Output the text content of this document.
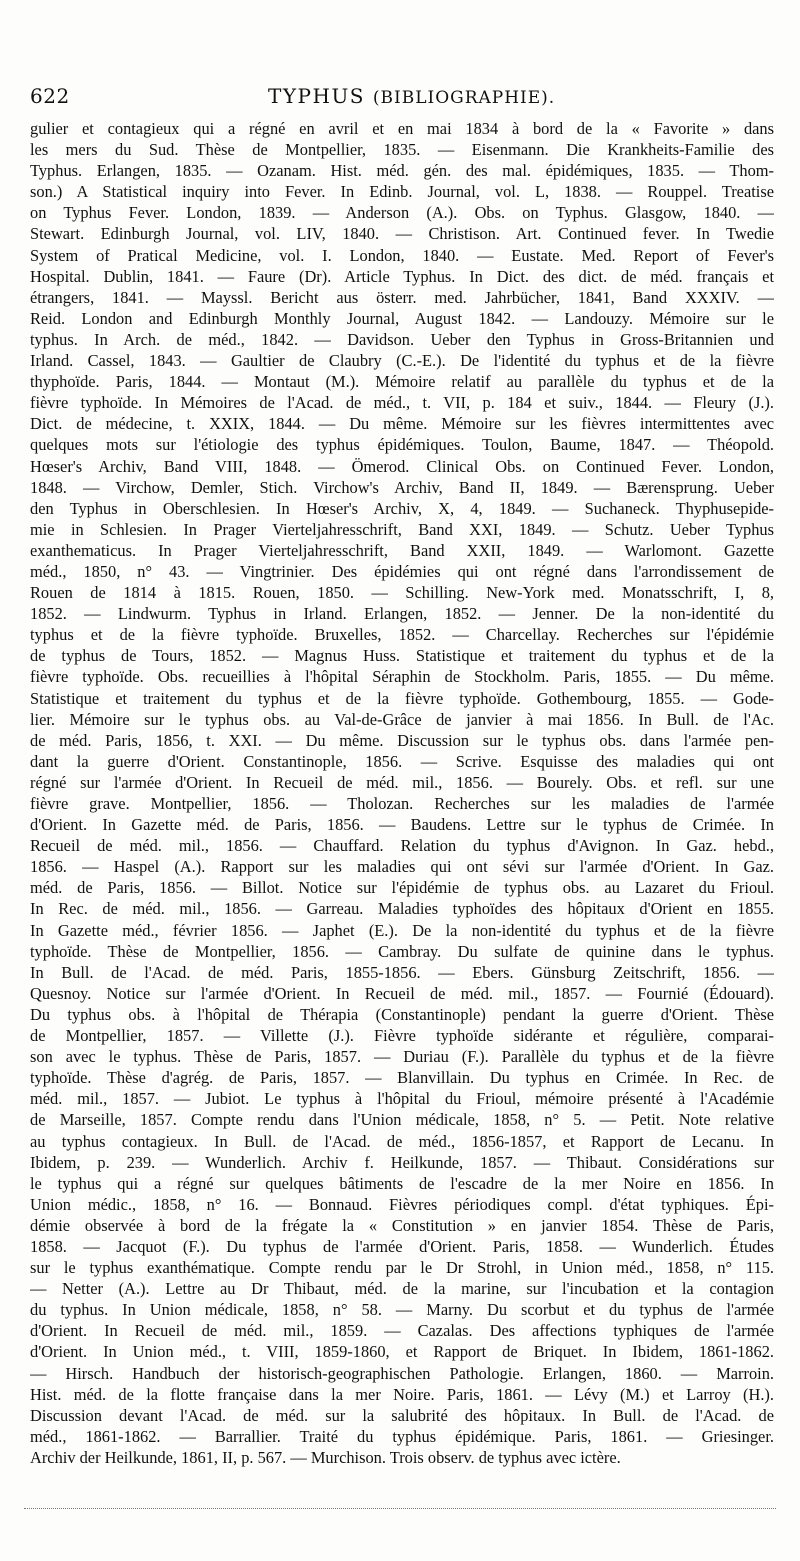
622	TYPHUS (BIBLIOGRAPHIE).
gulier et contagieux qui a régné en avril et en mai 1834 à bord de la « Favorite » dans
les mers du Sud. Thèse de Montpellier, 1835. — Eisenmann. Die Krankheits-Familie des
Typhus. Erlangen, 1835. — Ozanam. Hist. méd. gén. des mal. épidémiques, 1835. — Thom-
son.) A Statistical inquiry into Fever. In Edinb. Journal, vol. L, 1838. — Rouppel. Treatise
on Typhus Fever. London, 1839. — Anderson (A.). Obs. on Typhus. Glasgow, 1840. —
Stewart. Edinburgh Journal, vol. LIV, 1840. — Christison. Art. Continued fever. In Twedie
System of Pratical Medicine, vol. I. London, 1840. — Eustate. Med. Report of Fever's
Hospital. Dublin, 1841. — Faure (Dr). Article Typhus. In Dict. des dict. de méd. français et
étrangers, 1841. — Mayssl. Bericht aus österr. med. Jahrbücher, 1841, Band XXXIV. —
Reid. London and Edinburgh Monthly Journal, August 1842. — Landouzy. Mémoire sur le
typhus. In Arch. de méd., 1842. — Davidson. Ueber den Typhus in Gross-Britannien und
Irland. Cassel, 1843. — Gaultier de Claubry (C.-E.). De l'identité du typhus et de la fièvre
thyphoïde. Paris, 1844. — Montaut (M.). Mémoire relatif au parallèle du typhus et de la
fièvre typhoïde. In Mémoires de l'Acad. de méd., t. VII, p. 184 et suiv., 1844. — Fleury (J.).
Dict. de médecine, t. XXIX, 1844. — Du même. Mémoire sur les fièvres intermittentes avec
quelques mots sur l'étiologie des typhus épidémiques. Toulon, Baume, 1847. — Théopold.
Hœser's Archiv, Band VIII, 1848. — Ömerod. Clinical Obs. on Continued Fever. London,
1848. — Virchow, Demler, Stich. Virchow's Archiv, Band II, 1849. — Bærensprung. Ueber
den Typhus in Oberschlesien. In Hœser's Archiv, X, 4, 1849. — Suchaneck. Thyphusepide-
mie in Schlesien. In Prager Vierteljahresschrift, Band XXI, 1849. — Schutz. Ueber Typhus
exanthematicus. In Prager Vierteljahresschrift, Band XXII, 1849. — Warlomont. Gazette
méd., 1850, n° 43. — Vingtrinier. Des épidémies qui ont régné dans l'arrondissement de
Rouen de 1814 à 1815. Rouen, 1850. — Schilling. New-York med. Monatsschrift, I, 8,
1852. — Lindwurm. Typhus in Irland. Erlangen, 1852. — Jenner. De la non-identité du
typhus et de la fièvre typhoïde. Bruxelles, 1852. — Charcellay. Recherches sur l'épidémie
de typhus de Tours, 1852. — Magnus Huss. Statistique et traitement du typhus et de la
fièvre typhoïde. Obs. recueillies à l'hôpital Séraphin de Stockholm. Paris, 1855. — Du même.
Statistique et traitement du typhus et de la fièvre typhoïde. Gothembourg, 1855. — Gode-
lier. Mémoire sur le typhus obs. au Val-de-Grâce de janvier à mai 1856. In Bull. de l'Ac.
de méd. Paris, 1856, t. XXI. — Du même. Discussion sur le typhus obs. dans l'armée pen-
dant la guerre d'Orient. Constantinople, 1856. — Scrive. Esquisse des maladies qui ont
régné sur l'armée d'Orient. In Recueil de méd. mil., 1856. — Bourely. Obs. et refl. sur une
fièvre grave. Montpellier, 1856. — Tholozan. Recherches sur les maladies de l'armée
d'Orient. In Gazette méd. de Paris, 1856. — Baudens. Lettre sur le typhus de Crimée. In
Recueil de méd. mil., 1856. — Chauffard. Relation du typhus d'Avignon. In Gaz. hebd.,
1856. — Haspel (A.). Rapport sur les maladies qui ont sévi sur l'armée d'Orient. In Gaz.
méd. de Paris, 1856. — Billot. Notice sur l'épidémie de typhus obs. au Lazaret du Frioul.
In Rec. de méd. mil., 1856. — Garreau. Maladies typhoïdes des hôpitaux d'Orient en 1855.
In Gazette méd., février 1856. — Japhet (E.). De la non-identité du typhus et de la fièvre
typhoïde. Thèse de Montpellier, 1856. — Cambray. Du sulfate de quinine dans le typhus.
In Bull. de l'Acad. de méd. Paris, 1855-1856. — Ebers. Günsburg Zeitschrift, 1856. —
Quesnoy. Notice sur l'armée d'Orient. In Recueil de méd. mil., 1857. — Fournié (Édouard).
Du typhus obs. à l'hôpital de Thérapia (Constantinople) pendant la guerre d'Orient. Thèse
de Montpellier, 1857. — Villette (J.). Fièvre typhoïde sidérante et régulière, comparai-
son avec le typhus. Thèse de Paris, 1857. — Duriau (F.). Parallèle du typhus et de la fièvre
typhoïde. Thèse d'agrég. de Paris, 1857. — Blanvillain. Du typhus en Crimée. In Rec. de
méd. mil., 1857. — Jubiot. Le typhus à l'hôpital du Frioul, mémoire présenté à l'Académie
de Marseille, 1857. Compte rendu dans l'Union médicale, 1858, n° 5. — Petit. Note relative
au typhus contagieux. In Bull. de l'Acad. de méd., 1856-1857, et Rapport de Lecanu. In
Ibidem, p. 239. — Wunderlich. Archiv f. Heilkunde, 1857. — Thibaut. Considérations sur
le typhus qui a régné sur quelques bâtiments de l'escadre de la mer Noire en 1856. In
Union médic., 1858, n° 16. — Bonnaud. Fièvres périodiques compl. d'état typhiques. Épi-
démie observée à bord de la frégate la « Constitution » en janvier 1854. Thèse de Paris,
1858. — Jacquot (F.). Du typhus de l'armée d'Orient. Paris, 1858. — Wunderlich. Études
sur le typhus exanthématique. Compte rendu par le Dr Strohl, in Union méd., 1858, n° 115.
— Netter (A.). Lettre au Dr Thibaut, méd. de la marine, sur l'incubation et la contagion
du typhus. In Union médicale, 1858, n° 58. — Marny. Du scorbut et du typhus de l'armée
d'Orient. In Recueil de méd. mil., 1859. — Cazalas. Des affections typhiques de l'armée
d'Orient. In Union méd., t. VIII, 1859-1860, et Rapport de Briquet. In Ibidem, 1861-1862.
— Hirsch. Handbuch der historisch-geographischen Pathologie. Erlangen, 1860. — Marroin.
Hist. méd. de la flotte française dans la mer Noire. Paris, 1861. — Lévy (M.) et Larroy (H.).
Discussion devant l'Acad. de méd. sur la salubrité des hôpitaux. In Bull. de l'Acad. de
méd., 1861-1862. — Barrallier. Traité du typhus épidémique. Paris, 1861. — Griesinger.
Archiv der Heilkunde, 1861, II, p. 567. — Murchison. Trois observ. de typhus avec ictère.
